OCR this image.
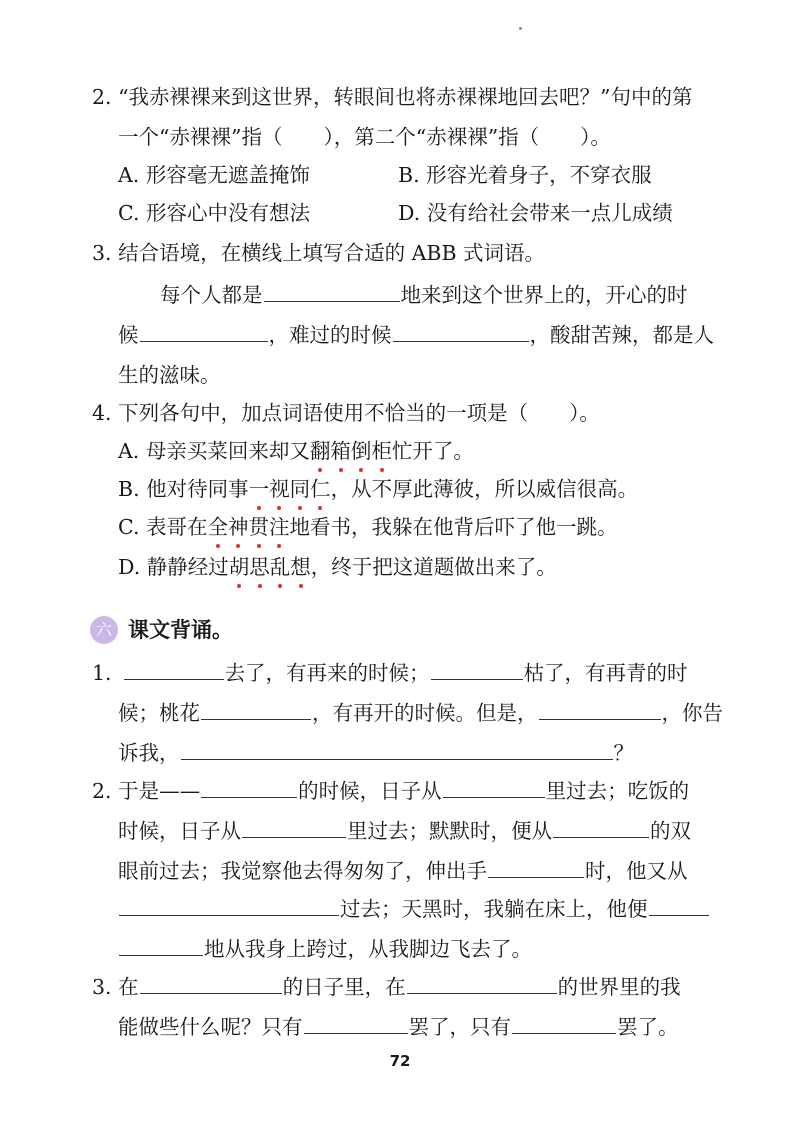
2. “我赤裸裸来到这世界，转眼间也将赤裸裸地回去吧？”句中的第
一个“赤裸裸”指（　　），第二个“赤裸裸”指（　　）。
A. 形容毫无遮盖掩饰	B. 形容光着身子，不穿衣服
C. 形容心中没有想法	D. 没有给社会带来一点儿成绩
3. 结合语境，在横线上填写合适的 ABB 式词语。
每个人都是	地来到这个世界上的，开心的时
候	，难过的时候	，酸甜苦辣，都是人
生的滋味。
4. 下列各句中，加点词语使用不恰当的一项是（　　）。
A. 母亲买菜回来却又翻箱倒柜忙开了。
B. 他对待同事一视同仁，从不厚此薄彼，所以威信很高。
C. 表哥在全神贯注地看书，我躲在他背后吓了他一跳。
D. 静静经过胡思乱想，终于把这道题做出来了。
六 课文背诵。
1.	去了，有再来的时候；	枯了，有再青的时
候；桃花	，有再开的时候。但是，	，你告
诉我，	？
2. 于是——	的时候，日子从	里过去；吃饭的
时候，日子从	里过去；默默时，便从	的双
眼前过去；我觉察他去得匆匆了，伸出手	时，他又从
过去；天黑时，我躺在床上，他便
地从我身上跨过，从我脚边飞去了。
3. 在	的日子里，在	的世界里的我
能做些什么呢？只有	罢了，只有	罢了。
72
